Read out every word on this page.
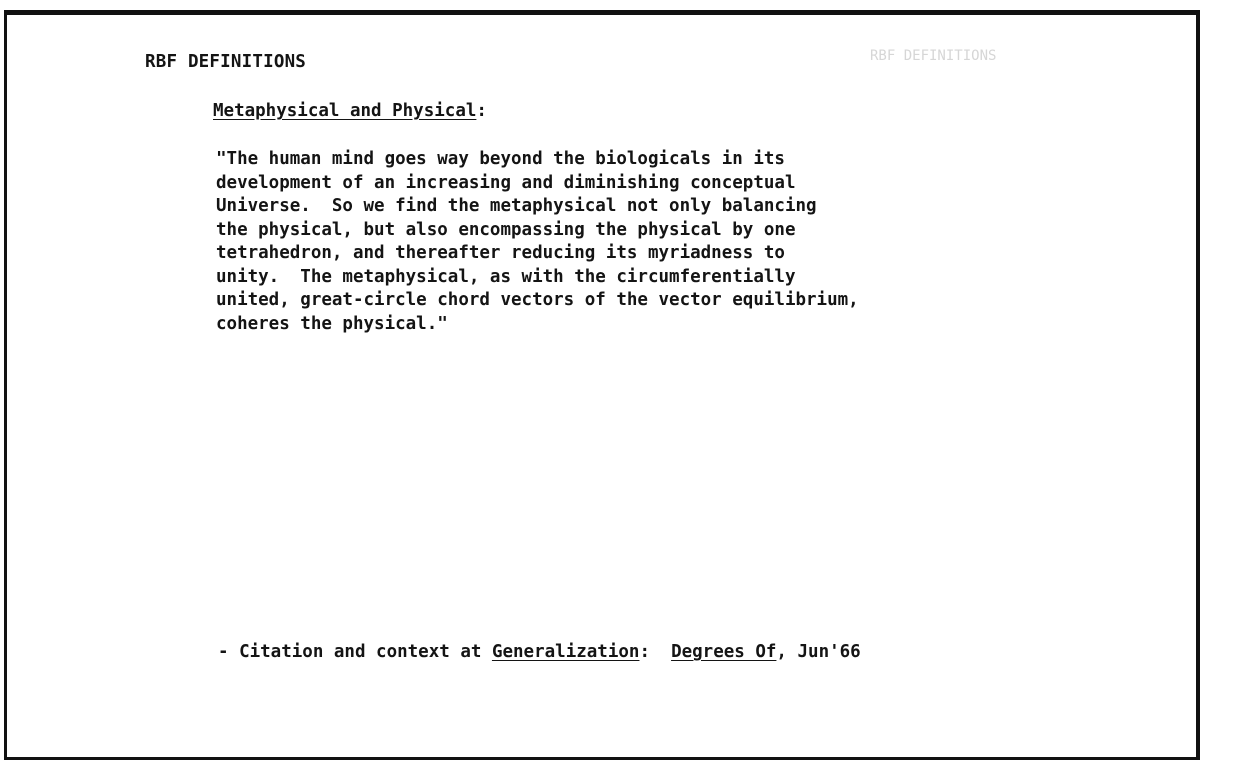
RBF DEFINITIONS
RBF DEFINITIONS
Metaphysical and Physical:
"The human mind goes way beyond the biologicals in its
development of an increasing and diminishing conceptual
Universe.  So we find the metaphysical not only balancing
the physical, but also encompassing the physical by one
tetrahedron, and thereafter reducing its myriadness to
unity.  The metaphysical, as with the circumferentially
united, great-circle chord vectors of the vector equilibrium,
coheres the physical."
- Citation and context at Generalization:  Degrees Of, Jun'66
